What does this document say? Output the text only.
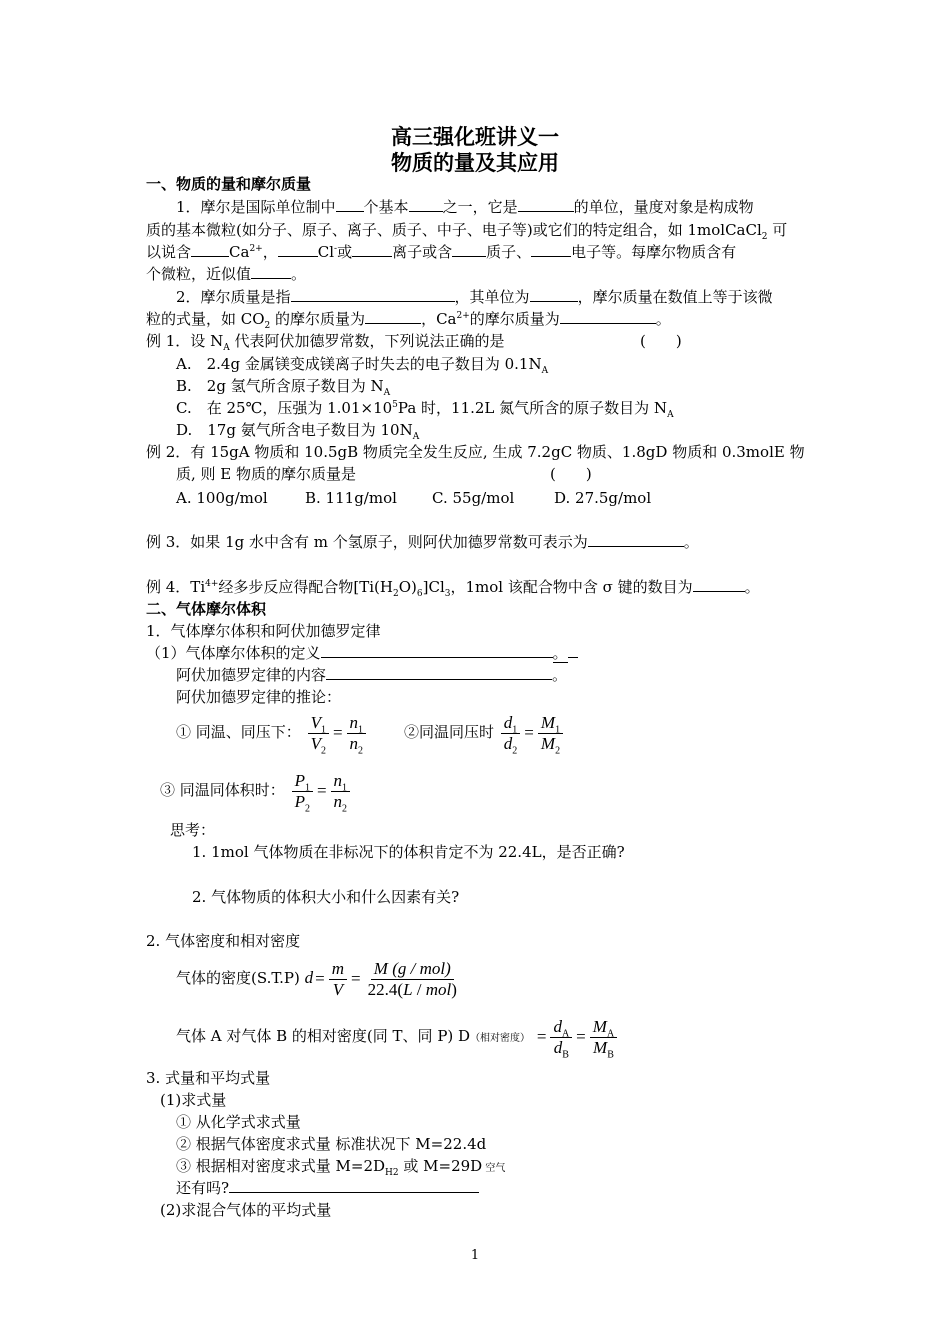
高三强化班讲义一
物质的量及其应用
一、物质的量和摩尔质量
1．摩尔是国际单位制中 个基本 之一，它是	的单位，量度对象是构成物
质的基本微粒(如分子、原子、离子、质子、中子、电子等)或它们的特定组合，如 1molCaCl$_2$ 可
以说含	$Ca^{2+}$，	Cl-或	离子或含 质子、	电子等。每摩尔物质含有
个微粒，近似值	。
2．摩尔质量是指	，其单位为	，摩尔质量在数值上等于该微
粒的式量，如 $CO_2$ 的摩尔质量为	，$Ca^{2+}$的摩尔质量为	。
例 1．设 $N_A$ 代表阿伏加德罗常数，下列说法正确的是	(　　)
A.　2.4g 金属镁变成镁离子时失去的电子数目为 $0.1N_A$
B.　2g 氢气所含原子数目为 $N_A$
C.　在 25℃，压强为 $1.01\times 10^5Pa$ 时，11.2L 氮气所含的原子数目为 $N_A$
D.　17g 氨气所含电子数目为 $10N_A$
例 2．有 15gA 物质和 10.5gB 物质完全发生反应, 生成 7.2gC 物质、1.8gD 物质和 0.3molE 物
质, 则 E 物质的摩尔质量是	(　　)
A. 100g/mol B. 111g/mol C. 55g/mol	D. 27.5g/mol
例 3．如果 1g 水中含有 m 个氢原子，则阿伏加德罗常数可表示为	。
例 4．$Ti^{4+}$经多步反应得配合物$[Ti(H_2O)_6]Cl_3$，1mol 该配合物中含 σ 键的数目为	。
二、气体摩尔体积
1．气体摩尔体积和阿伏加德罗定律
（1）气体摩尔体积的定义	。
阿伏加德罗定律的内容	。
阿伏加德罗定律的推论：
① 同温、同压下： $\frac{V_1}{V_2} = \frac{n_1}{n_2}$	②同温同压时 $\frac{d_1}{d_2} = \frac{M_1}{M_2}$
③ 同温同体积时： $\frac{P_1}{P_2} = \frac{n_1}{n_2}$
思考：
1. 1mol 气体物质在非标况下的体积肯定不为 22.4L，是否正确?
2. 气体物质的体积大小和什么因素有关?
2. 气体密度和相对密度
气体的密度(S.T.P) $d = \frac{m}{V} = \frac{\text{M (g / mol)}}{\text{22.4(L / mol)}}$
气体 A 对气体 B 的相对密度(同 T、同 P) D（相对密度） = $\frac{d_A}{d_B} = \frac{M_A}{M_B}$
3. 式量和平均式量
(1)求式量
① 从化学式求式量
② 根据气体密度求式量 标准状况下 M=22.4d
③ 根据相对密度求式量 $M=2D_{H2}$ 或 M=29D 空气
还有吗?
(2)求混合气体的平均式量
1
